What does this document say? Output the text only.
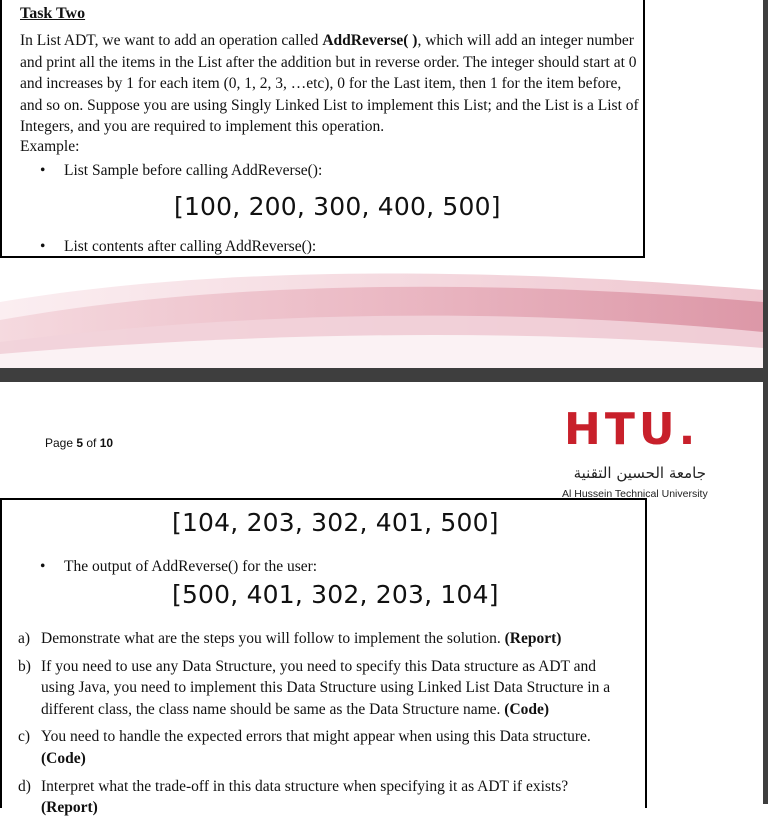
Task Two
In List ADT, we want to add an operation called AddReverse( ), which will add an integer number and print all the items in the List after the addition but in reverse order. The integer should start at 0 and increases by 1 for each item (0, 1, 2, 3, …etc), 0 for the Last item, then 1 for the item before, and so on. Suppose you are using Singly Linked List to implement this List; and the List is a List of Integers, and you are required to implement this operation.
Example:
• List Sample before calling AddReverse():
[100, 200, 300, 400, 500]
• List contents after calling AddReverse():
Page 5 of 10	HTU.
جامعة الحسين التقنية
Al Hussein Technical University
[104, 203, 302, 401, 500]
• The output of AddReverse() for the user:
[500, 401, 302, 203, 104]
a) Demonstrate what are the steps you will follow to implement the solution. (Report)
b) If you need to use any Data Structure, you need to specify this Data structure as ADT and using Java, you need to implement this Data Structure using Linked List Data Structure in a different class, the class name should be same as the Data Structure name. (Code)
c) You need to handle the expected errors that might appear when using this Data structure. (Code)
d) Interpret what the trade-off in this data structure when specifying it as ADT if exists? (Report)
